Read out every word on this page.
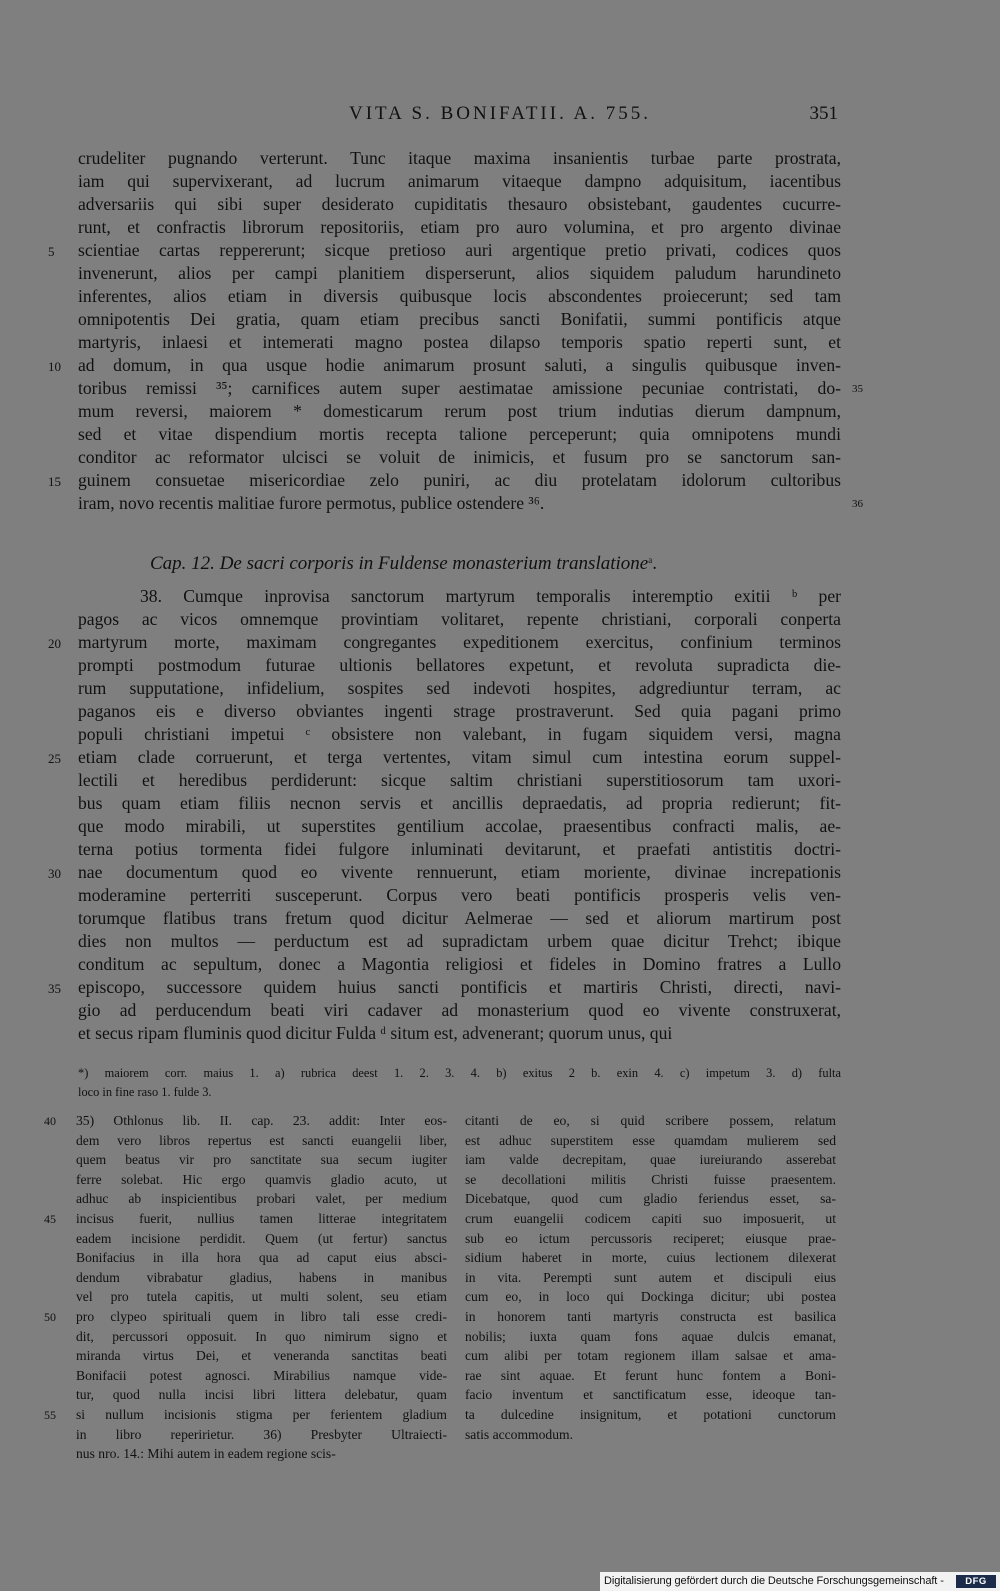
VITA S. BONIFATII. A. 755.	351
crudeliter pugnando verterunt. Tunc itaque maxima insanientis turbae parte prostrata,
iam qui supervixerant, ad lucrum animarum vitaeque dampno adquisitum, iacentibus
adversariis qui sibi super desiderato cupiditatis thesauro obsistebant, gaudentes cucurre-
runt, et confractis librorum repositoriis, etiam pro auro volumina, et pro argento divinae
5	scientiae cartas reppererunt; sicque pretioso auri argentique pretio privati, codices quos
invenerunt, alios per campi planitiem disperserunt, alios siquidem paludum harundineto
inferentes, alios etiam in diversis quibusque locis abscondentes proiecerunt; sed tam
omnipotentis Dei gratia, quam etiam precibus sancti Bonifatii, summi pontificis atque
martyris, inlaesi et intemerati magno postea dilapso temporis spatio reperti sunt, et
10 ad domum, in qua usque hodie animarum prosunt saluti, a singulis quibusque inven-
toribus remissi ³⁵; carnifices autem super aestimatae amissione pecuniae contristati, do- 35
mum reversi, maiorem * domesticarum rerum post trium indutias dierum dampnum,
sed et vitae dispendium mortis recepta talione perceperunt; quia omnipotens mundi
conditor ac reformator ulcisci se voluit de inimicis, et fusum pro se sanctorum san-
15 guinem consuetae misericordiae zelo puniri, ac diu protelatam idolorum cultoribus
iram, novo recentis malitiae furore permotus, publice ostendere ³⁶.	36
Cap. 12. De sacri corporis in Fuldense monasterium translatione$^a$.
38. Cumque inprovisa sanctorum martyrum temporalis interemptio exitii ᵇ per
pagos ac vicos omnemque provintiam volitaret, repente christiani, corporali conperta
20 martyrum morte, maximam congregantes expeditionem exercitus, confinium terminos
prompti postmodum futurae ultionis bellatores expetunt, et revoluta supradicta die-
rum supputatione, infidelium, sospites sed indevoti hospites, adgrediuntur terram, ac
paganos eis e diverso obviantes ingenti strage prostraverunt. Sed quia pagani primo
populi christiani impetui ᶜ obsistere non valebant, in fugam siquidem versi, magna
25 etiam clade corruerunt, et terga vertentes, vitam simul cum intestina eorum suppel-
lectili et heredibus perdiderunt: sicque saltim christiani superstitiosorum tam uxori-
bus quam etiam filiis necnon servis et ancillis depraedatis, ad propria redierunt; fit-
que modo mirabili, ut superstites gentilium accolae, praesentibus confracti malis, ae-
terna potius tormenta fidei fulgore inluminati devitarunt, et praefati antistitis doctri-
30 nae documentum quod eo vivente rennuerunt, etiam moriente, divinae increpationis
moderamine perterriti susceperunt. Corpus vero beati pontificis prosperis velis ven-
torumque flatibus trans fretum quod dicitur Aelmerae — sed et aliorum martirum post
dies non multos — perductum est ad supradictam urbem quae dicitur Trehct; ibique
conditum ac sepultum, donec a Magontia religiosi et fideles in Domino fratres a Lullo
35 episcopo, successore quidem huius sancti pontificis et martiris Christi, directi, navi-
gio ad perducendum beati viri cadaver ad monasterium quod eo vivente construxerat,
et secus ripam fluminis quod dicitur Fulda ᵈ situm est, advenerant; quorum unus, qui
*) maiorem corr. maius 1. a) rubrica deest 1. 2. 3. 4. b) exitus 2 b. exin 4. c) impetum 3. d) fulta
loco in fine raso 1. fulde 3.
40	35) Othlonus lib. II. cap. 23. addit: Inter eos-
dem vero libros repertus est sancti euangelii liber,
quem beatus vir pro sanctitate sua secum iugiter
ferre solebat. Hic ergo quamvis gladio acuto, ut
adhuc ab inspicientibus probari valet, per medium
45	incisus fuerit, nullius tamen litterae integritatem
eadem incisione perdidit. Quem (ut fertur) sanctus
Bonifacius in illa hora qua ad caput eius absci-
dendum vibrabatur gladius, habens in manibus
vel pro tutela capitis, ut multi solent, seu etiam
50	pro clypeo spirituali quem in libro tali esse credi-
dit, percussori opposuit. In quo nimirum signo et
miranda virtus Dei, et veneranda sanctitas beati
Bonifacii potest agnosci. Mirabilius namque vide-
tur, quod nulla incisi libri littera delebatur, quam
55	si nullum incisionis stigma per ferientem gladium
in libro reperirietur. 36) Presbyter Ultraiecti-
nus nro. 14.: Mihi autem in eadem regione scis-
citanti de eo, si quid scribere possem, relatum
est adhuc superstitem esse quamdam mulierem sed
iam valde decrepitam, quae iureiurando asserebat
se decollationi militis Christi fuisse praesentem.
Dicebatque, quod cum gladio feriendus esset, sa-
crum euangelii codicem capiti suo imposuerit, ut
sub eo ictum percussoris reciperet; eiusque prae-
sidium haberet in morte, cuius lectionem dilexerat
in vita. Perempti sunt autem et discipuli eius
cum eo, in loco qui Dockinga dicitur; ubi postea
in honorem tanti martyris constructa est basilica
nobilis; iuxta quam fons aquae dulcis emanat,
cum alibi per totam regionem illam salsae et ama-
rae sint aquae. Et ferunt hunc fontem a Boni-
facio inventum et sanctificatum esse, ideoque tan-
ta dulcedine insignitum, et potationi cunctorum
satis accommodum.
Digitalisierung gefördert durch die Deutsche Forschungsgemeinschaft -	DFG
